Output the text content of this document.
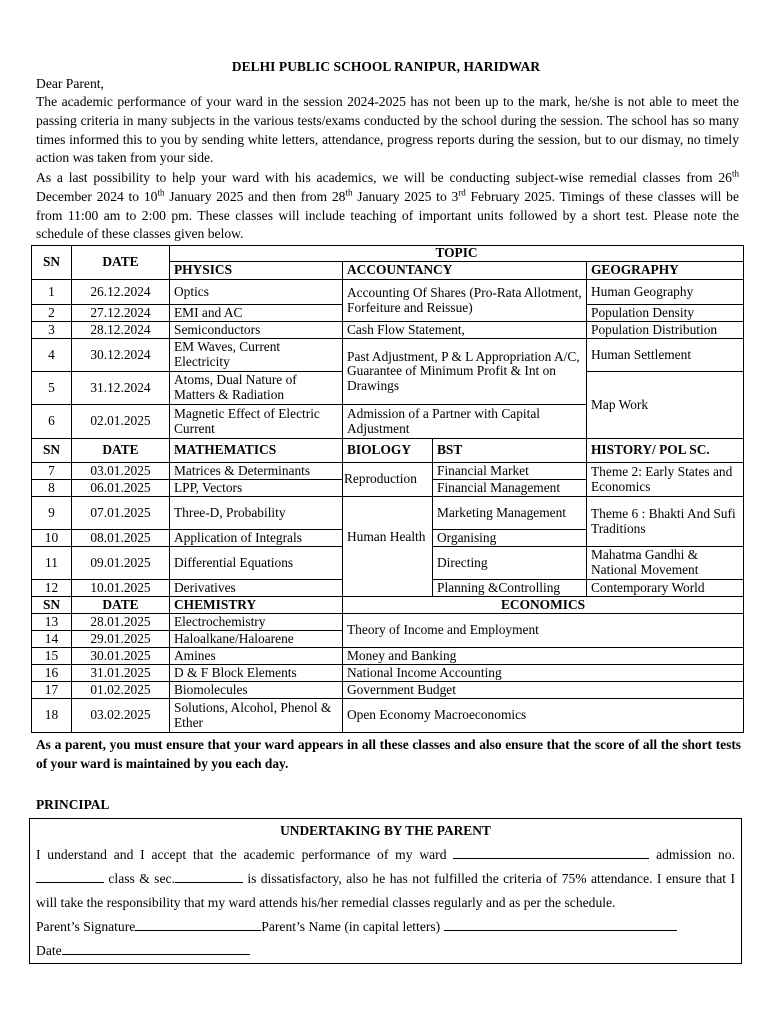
DELHI PUBLIC SCHOOL RANIPUR, HARIDWAR
Dear Parent,

The academic performance of your ward in the session 2024-2025 has not been up to the mark, he/she is not able to meet the passing criteria in many subjects in the various tests/exams conducted by the school during the session. The school has so many times informed this to you by sending white letters, attendance, progress reports during the session, but to our dismay, no timely action was taken from your side.

As a last possibility to help your ward with his academics, we will be conducting subject-wise remedial classes from 26th December 2024 to 10th January 2025 and then from 28th January 2025 to 3rd February 2025. Timings of these classes will be from 11:00 am to 2:00 pm. These classes will include teaching of important units followed by a short test. Please note the schedule of these classes given below.

SN	DATE	TOPIC			
		PHYSICS	ACCOUNTANCY		GEOGRAPHY
1	26.12.2024	Optics	Accounting Of Shares (Pro-Rata Allotment, Forfeiture and Reissue)		Human Geography
2	27.12.2024	EMI and AC			Population Density
3	28.12.2024	Semiconductors	Cash Flow Statement,		Population Distribution
4	30.12.2024	EM Waves, Current Electricity	Past Adjustment, P & L Appropriation A/C, Guarantee of Minimum Profit & Int on Drawings		Human Settlement
5	31.12.2024	Atoms, Dual Nature of Matters & Radiation			Map Work
6	02.01.2025	Magnetic Effect of Electric Current	Admission of a Partner with Capital Adjustment		
SN	DATE	MATHEMATICS	BIOLOGY	BST	HISTORY/ POL SC.
7	03.01.2025	Matrices & Determinants	Reproduction	Financial Market	Theme 2: Early States and Economics
8	06.01.2025	LPP, Vectors		Financial Management	
9	07.01.2025	Three-D, Probability		Marketing Management	Theme 6 : Bhakti And Sufi Traditions
10	08.01.2025	Application of Integrals	Human Health	Organising	
11	09.01.2025	Differential Equations		Directing	Mahatma Gandhi & National Movement
12	10.01.2025	Derivatives		Planning &Controlling	Contemporary World
SN	DATE	CHEMISTRY	ECONOMICS		
13	28.01.2025	Electrochemistry	Theory of Income and Employment		
14	29.01.2025	Haloalkane/Haloarene			
15	30.01.2025	Amines	Money and Banking		
16	31.01.2025	D & F Block Elements	National Income Accounting		
17	01.02.2025	Biomolecules	Government Budget		
18	03.02.2025	Solutions, Alcohol, Phenol & Ether	Open Economy Macroeconomics		
As a parent, you must ensure that your ward appears in all these classes and also ensure that the score of all the short tests of your ward is maintained by you each day.
PRINCIPAL
UNDERTAKING BY THE PARENT
I understand and I accept that the academic performance of my ward	admission no. class & sec.	is dissatisfactory, also he has not fulfilled the criteria of 75% attendance. I ensure that I will take the responsibility that my ward attends his/her remedial classes regularly and as per the schedule.
Parent’s Signature	Parent’s Name (in capital letters)
Date
